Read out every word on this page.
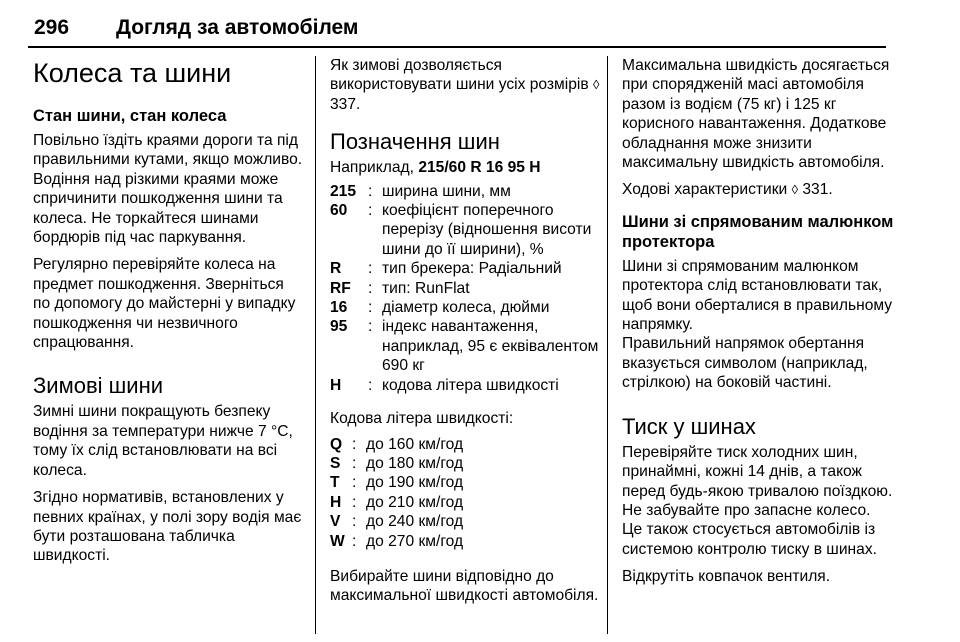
296 Догляд за автомобілем
Колеса та шини
Стан шини, стан колеса

Повільно їздіть краями дороги та під правильними кутами, якщо можливо. Водіння над різкими краями може спричинити пошкодження шини та колеса. Не торкайтеся шинами бордюрів під час паркування.

Регулярно перевіряйте колеса на предмет пошкодження. Зверніться по допомогу до майстерні у випадку пошкодження чи незвичного спрацювання.

Зимові шини

Зимні шини покращують безпеку водіння за температури нижче 7 °C, тому їх слід встановлювати на всі колеса.

Згідно нормативів, встановлених у певних країнах, у полі зору водія має бути розташована табличка швидкості.

Як зимові дозволяється використовувати шини усіх розмірів ◊ 337.

Позначення шин

Наприклад, 215/60 R 16 95 H

215 : ширина шини, мм
60	: коефіцієнт поперечного перерізу (відношення висоти шини до її ширини), %
R	: тип брекера: Радіальний
RF	: тип: RunFlat
16	: діаметр колеса, дюйми
95	: індекс навантаження, наприклад, 95 є еквівалентом 690 кг
H	: кодова літера швидкості

Кодова літера швидкості:

Q : до 160 км/год
S : до 180 км/год
T : до 190 км/год
H : до 210 км/год
V : до 240 км/год
W : до 270 км/год

Вибирайте шини відповідно до максимальної швидкості автомобіля.

Максимальна швидкість досягається при спорядженій масі автомобіля разом із водієм (75 кг) і 125 кг корисного навантаження. Додаткове обладнання може знизити максимальну швидкість автомобіля.

Ходові характеристики ◊ 331.

Шини зі спрямованим малюнком протектора

Шини зі спрямованим малюнком протектора слід встановлювати так, щоб вони оберталися в правильному напрямку.

Правильний напрямок обертання вказується символом (наприклад, стрілкою) на боковій частині.

Тиск у шинах

Перевіряйте тиск холодних шин, принаймні, кожні 14 днів, а також перед будь-якою тривалою поїздкою. Не забувайте про запасне колесо. Це також стосується автомобілів із системою контролю тиску в шинах.

Відкрутіть ковпачок вентиля.
